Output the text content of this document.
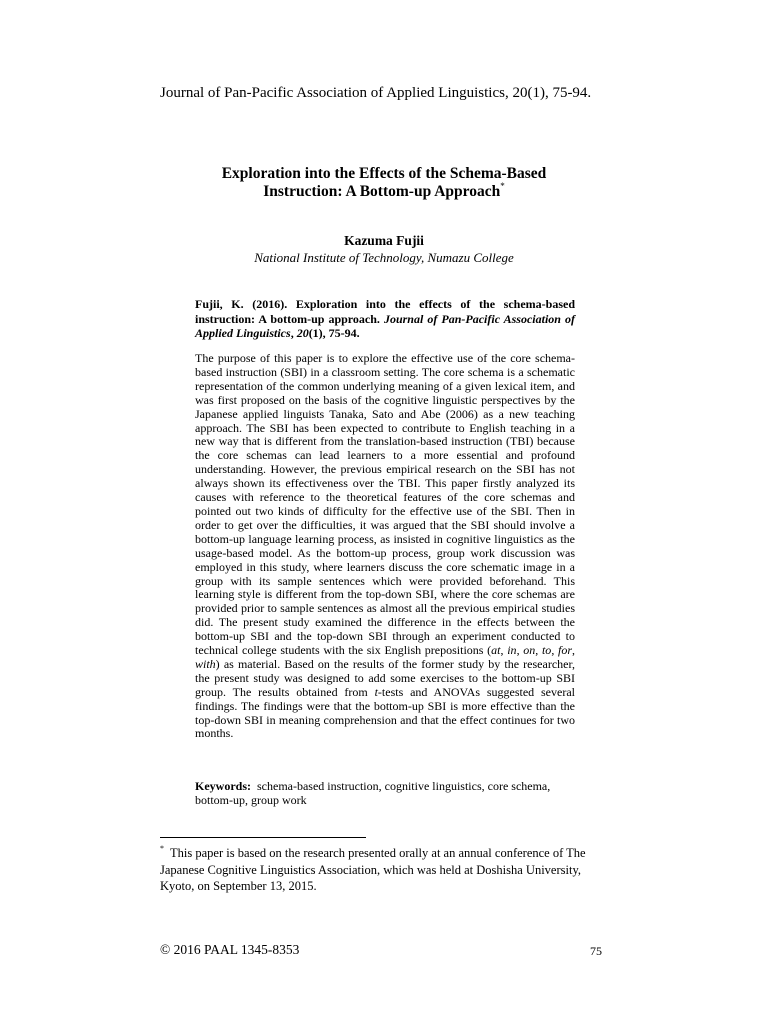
Journal of Pan-Pacific Association of Applied Linguistics, 20(1), 75-94.
Exploration into the Effects of the Schema-Based
Instruction: A Bottom-up Approach*
Kazuma Fujii
National Institute of Technology, Numazu College
Fujii, K. (2016). Exploration into the effects of the schema-based instruction: A bottom-up approach. Journal of Pan-Pacific Association of Applied Linguistics, 20(1), 75-94.
The purpose of this paper is to explore the effective use of the core schema-based instruction (SBI) in a classroom setting. The core schema is a schematic representation of the common underlying meaning of a given lexical item, and was first proposed on the basis of the cognitive linguistic perspectives by the Japanese applied linguists Tanaka, Sato and Abe (2006) as a new teaching approach. The SBI has been expected to contribute to English teaching in a new way that is different from the translation-based instruction (TBI) because the core schemas can lead learners to a more essential and profound understanding. However, the previous empirical research on the SBI has not always shown its effectiveness over the TBI. This paper firstly analyzed its causes with reference to the theoretical features of the core schemas and pointed out two kinds of difficulty for the effective use of the SBI. Then in order to get over the difficulties, it was argued that the SBI should involve a bottom-up language learning process, as insisted in cognitive linguistics as the usage-based model. As the bottom-up process, group work discussion was employed in this study, where learners discuss the core schematic image in a group with its sample sentences which were provided beforehand. This learning style is different from the top-down SBI, where the core schemas are provided prior to sample sentences as almost all the previous empirical studies did. The present study examined the difference in the effects between the bottom-up SBI and the top-down SBI through an experiment conducted to technical college students with the six English prepositions (at, in, on, to, for, with) as material. Based on the results of the former study by the researcher, the present study was designed to add some exercises to the bottom-up SBI group. The results obtained from t-tests and ANOVAs suggested several findings. The findings were that the bottom-up SBI is more effective than the top-down SBI in meaning comprehension and that the effect continues for two months.
Keywords: schema-based instruction, cognitive linguistics, core schema, bottom-up, group work
* This paper is based on the research presented orally at an annual conference of The Japanese Cognitive Linguistics Association, which was held at Doshisha University, Kyoto, on September 13, 2015.
© 2016 PAAL 1345-8353	75
